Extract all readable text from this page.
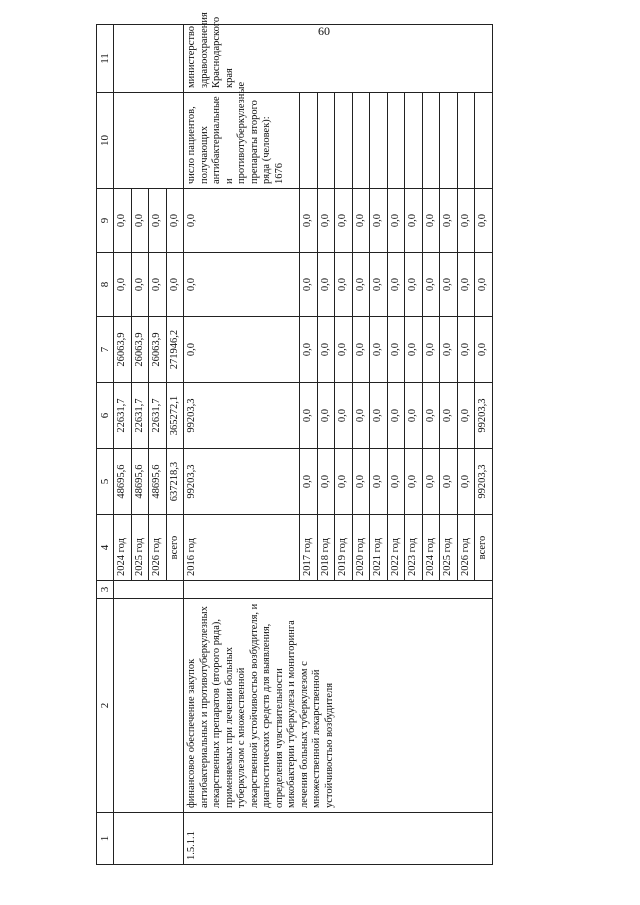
60
1	2	3	4	5	6	7	8	9	10	11
			2024 год	48695,6	22631,7	26063,9	0,0	0,0		
			2025 год	48695,6	22631,7	26063,9	0,0	0,0		
			2026 год	48695,6	22631,7	26063,9	0,0	0,0		
			всего	637218,3	365272,1	271946,2	0,0	0,0		
1.5.1.1	финансовое обеспечение закупок антибактериальных и противотуберкулезных лекарственных препаратов (второго ряда), применяемых при лечении больных туберкулезом с множественной лекарственной устойчивостью возбудителя, и диагностических средств для выявления, определения чувствительности микобактерии туберкулеза и мониторинга лечения больных туберкулезом с множественной лекарственной устойчивостью возбудителя		2016 год	99203,3	99203,3	0,0	0,0	0,0	число пациентов, получающих антибактериальные и противотуберкулезные препараты второго ряда (человек): 1676	министерство здравоохранения Краснодарского края
			2017 год	0,0	0,0	0,0	0,0	0,0		
			2018 год	0,0	0,0	0,0	0,0	0,0		
			2019 год	0,0	0,0	0,0	0,0	0,0		
			2020 год	0,0	0,0	0,0	0,0	0,0		
			2021 год	0,0	0,0	0,0	0,0	0,0		
			2022 год	0,0	0,0	0,0	0,0	0,0		
			2023 год	0,0	0,0	0,0	0,0	0,0		
			2024 год	0,0	0,0	0,0	0,0	0,0		
			2025 год	0,0	0,0	0,0	0,0	0,0		
			2026 год	0,0	0,0	0,0	0,0	0,0		
			всего	99203,3	99203,3	0,0	0,0	0,0		
